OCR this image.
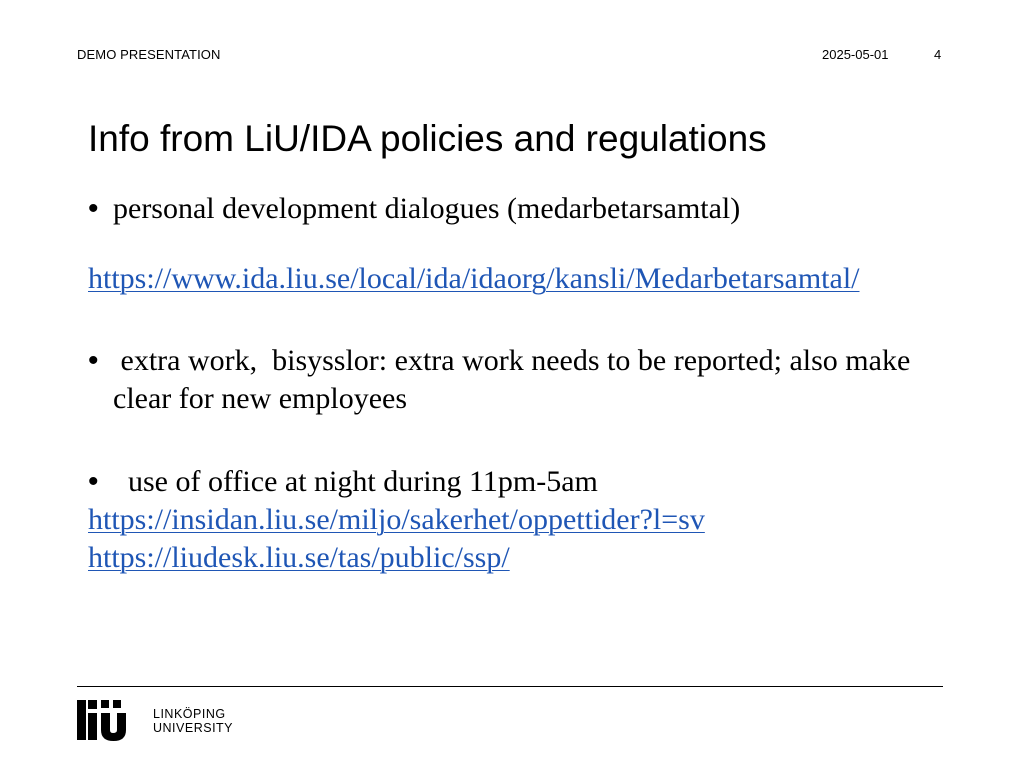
DEMO PRESENTATION	2025-05-01	4
Info from LiU/IDA policies and regulations
• personal development dialogues (medarbetarsamtal)
https://www.ida.liu.se/local/ida/idaorg/kansli/Medarbetarsamtal/
• extra work,  bisysslor: extra work needs to be reported; also make clear for new employees
• use of office at night during 11pm-5am
https://insidan.liu.se/miljo/sakerhet/oppettider?l=sv
https://liudesk.liu.se/tas/public/ssp/
LINKÖPING
UNIVERSITY
